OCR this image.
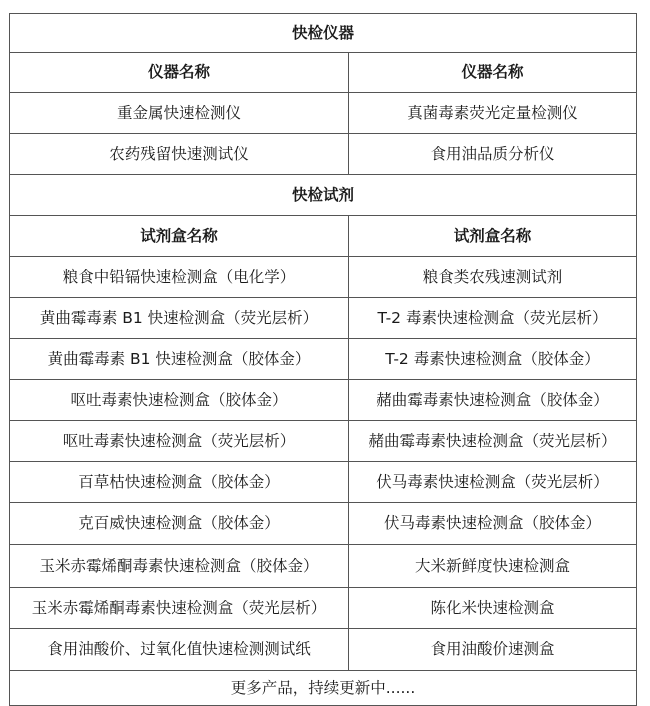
快检仪器	
仪器名称	仪器名称
重金属快速检测仪	真菌毒素荧光定量检测仪
农药残留快速测试仪	食用油品质分析仪
快检试剂	
试剂盒名称	试剂盒名称
粮食中铅镉快速检测盒（电化学）	粮食类农残速测试剂
黄曲霉毒素 B1 快速检测盒（荧光层析）	T-2 毒素快速检测盒（荧光层析）
黄曲霉毒素 B1 快速检测盒（胶体金）	T-2 毒素快速检测盒（胶体金）
呕吐毒素快速检测盒（胶体金）	赭曲霉毒素快速检测盒（胶体金）
呕吐毒素快速检测盒（荧光层析）	赭曲霉毒素快速检测盒（荧光层析）
百草枯快速检测盒（胶体金）	伏马毒素快速检测盒（荧光层析）
克百威快速检测盒（胶体金）	伏马毒素快速检测盒（胶体金）
玉米赤霉烯酮毒素快速检测盒（胶体金）	大米新鲜度快速检测盒
玉米赤霉烯酮毒素快速检测盒（荧光层析）	陈化米快速检测盒
食用油酸价、过氧化值快速检测测试纸	食用油酸价速测盒
更多产品，持续更新中......	
